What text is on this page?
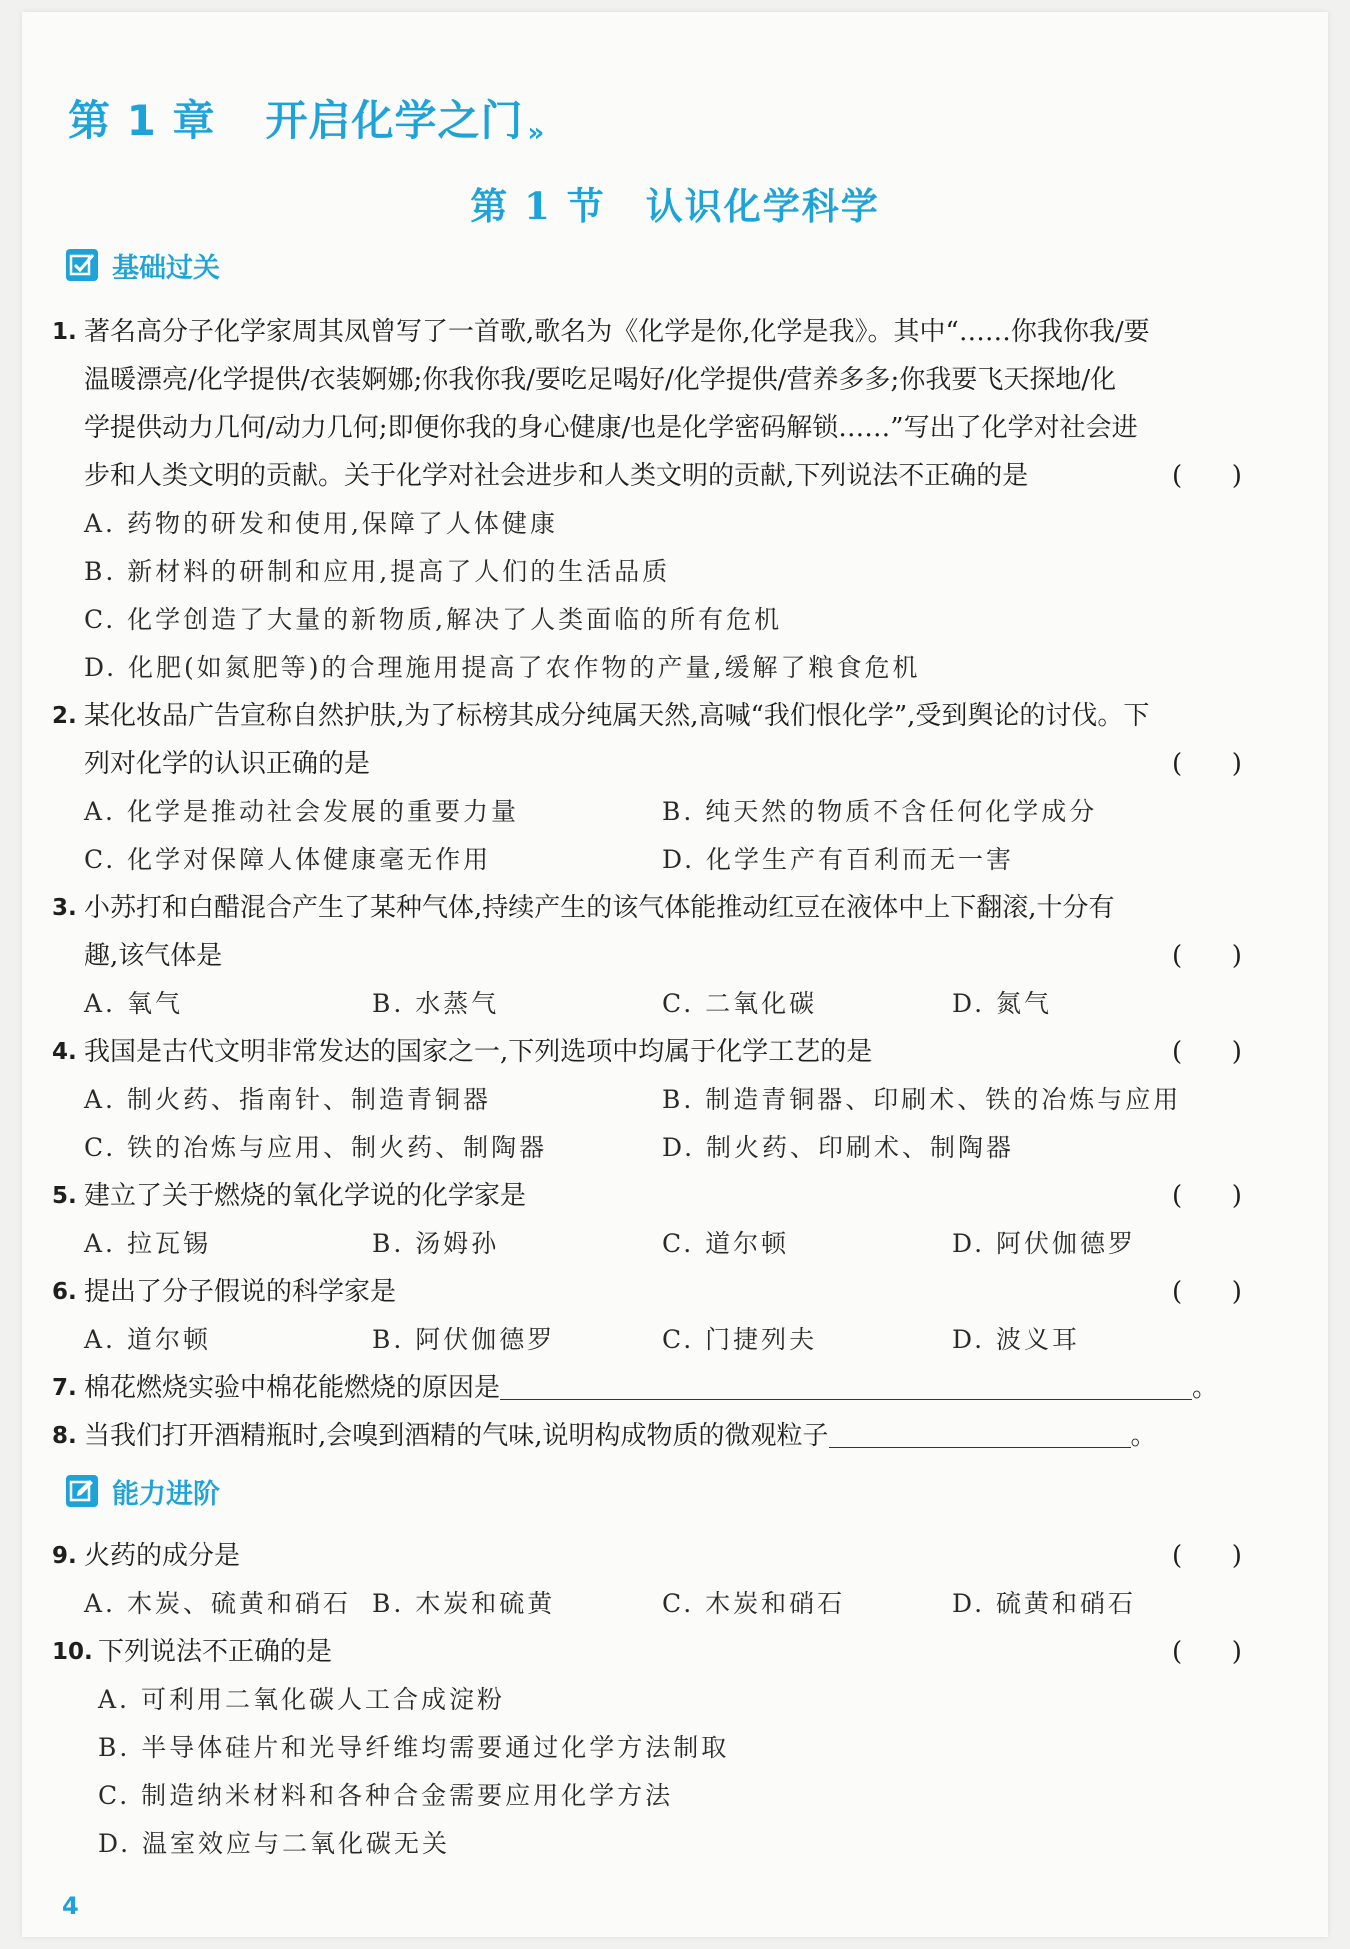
第 1 章 开启化学之门 »
第 1 节 认识化学科学
基础过关
1. 著名高分子化学家周其凤曾写了一首歌,歌名为《化学是你,化学是我》。其中“……你我你我/要
温暖漂亮/化学提供/衣装婀娜;你我你我/要吃足喝好/化学提供/营养多多;你我要飞天探地/化
学提供动力几何/动力几何;即便你我的身心健康/也是化学密码解锁……”写出了化学对社会进
步和人类文明的贡献。关于化学对社会进步和人类文明的贡献,下列说法不正确的是	(      )
A. 药物的研发和使用,保障了人体健康
B. 新材料的研制和应用,提高了人们的生活品质
C. 化学创造了大量的新物质,解决了人类面临的所有危机
D. 化肥(如氮肥等)的合理施用提高了农作物的产量,缓解了粮食危机
2. 某化妆品广告宣称自然护肤,为了标榜其成分纯属天然,高喊“我们恨化学”,受到舆论的讨伐。下
列对化学的认识正确的是	(      )
A. 化学是推动社会发展的重要力量	B. 纯天然的物质不含任何化学成分
C. 化学对保障人体健康毫无作用	D. 化学生产有百利而无一害
3. 小苏打和白醋混合产生了某种气体,持续产生的该气体能推动红豆在液体中上下翻滚,十分有
趣,该气体是	(      )
A. 氧气	B. 水蒸气	C. 二氧化碳	D. 氮气
4. 我国是古代文明非常发达的国家之一,下列选项中均属于化学工艺的是	(      )
A. 制火药、指南针、制造青铜器	B. 制造青铜器、印刷术、铁的冶炼与应用
C. 铁的冶炼与应用、制火药、制陶器	D. 制火药、印刷术、制陶器
5. 建立了关于燃烧的氧化学说的化学家是	(      )
A. 拉瓦锡	B. 汤姆孙	C. 道尔顿	D. 阿伏伽德罗
6. 提出了分子假说的科学家是	(      )
A. 道尔顿	B. 阿伏伽德罗	C. 门捷列夫	D. 波义耳
7. 棉花燃烧实验中棉花能燃烧的原因是	。
8. 当我们打开酒精瓶时,会嗅到酒精的气味,说明构成物质的微观粒子	。
能力进阶
9. 火药的成分是	(      )
A. 木炭、硫黄和硝石 B. 木炭和硫黄	C. 木炭和硝石	D. 硫黄和硝石
10. 下列说法不正确的是	(      )
A. 可利用二氧化碳人工合成淀粉
B. 半导体硅片和光导纤维均需要通过化学方法制取
C. 制造纳米材料和各种合金需要应用化学方法
D. 温室效应与二氧化碳无关
4
